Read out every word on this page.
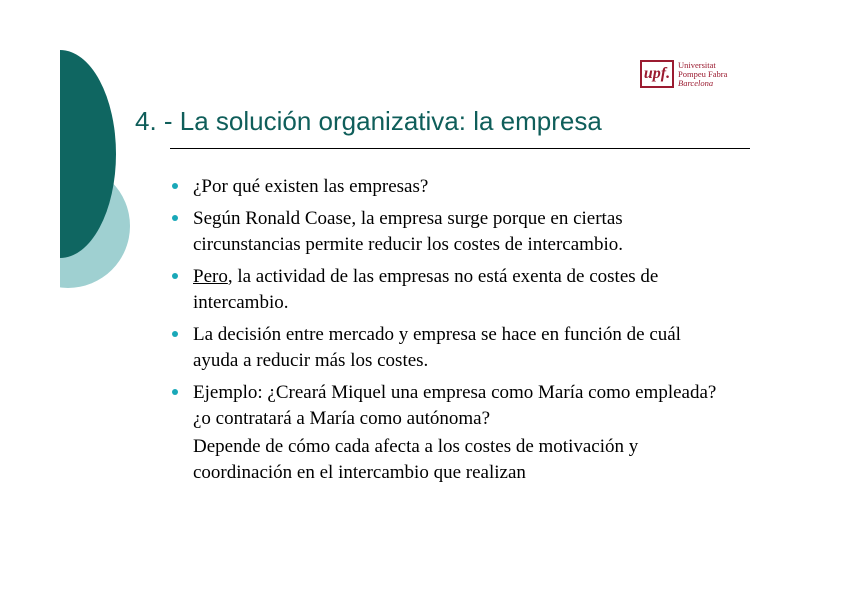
upf.
Universitat
Pompeu Fabra
Barcelona
4. - La solución organizativa: la empresa
¿Por qué existen las empresas?
Según Ronald Coase, la empresa surge porque en ciertas circunstancias permite reducir los costes de intercambio.
Pero, la actividad de las empresas no está exenta de costes de intercambio.
La decisión entre mercado y empresa se hace en función de cuál ayuda a reducir más los costes.
Ejemplo: ¿Creará Miquel una empresa como María como empleada? ¿o contratará a María como autónoma?
Depende de cómo cada afecta a los costes de motivación y coordinación en el intercambio que realizan
